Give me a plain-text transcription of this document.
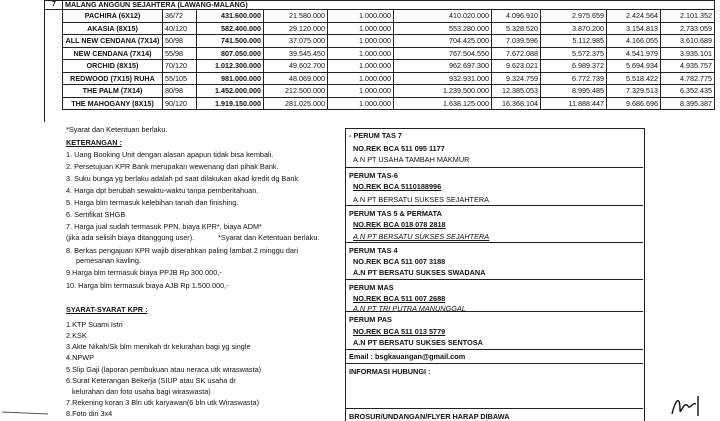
7	MALANG ANGGUN SEJAHTERA (LAWANG-MALANG)									
PACHIRA (6X12)	36/72	431.600.000	21.580.000	1.000.000	410.020.000	4.096.910	2.975.659	2.424.564	2.101.352
AKASIA (8X15)	40/120	582.400.000	29.120.000	1.000.000	553.280.000	5.328.520	3.870.200	3.154.813	2.733.059
ALL NEW CENDANA (7X14)	50/98	741.500.000	37.075.000	1.000.000	704.425.000	7.039.596	5.112.985	4.166.055	3.610.689
NEW CENDANA (7X14)	55/98	807.050.000	39.545.450	1.000.000	767.504.550	7.672.088	5.572.375	4.541.979	3.935.101
ORCHID (8X15)	70/120	1.012.300.000	49.602.700	1.000.000	962.697.300	9.623.021	6.989.372	5.694.934	4.935.757
REDWOOD (7X15) RUHA	55/105	981.000.000	48.069.000	1.000.000	932.931.000	9.324.759	6.772.739	5.518.422	4.782.775
THE PALM (7X14)	80/98	1.452.000.000	212.500.000	1.000.000	1.239.500.000	12.385.053	8.995.485	7.329.513	6.352.435
THE MAHOGANY (8X15)	90/120	1.919.150.000	281.025.000	1.000.000	1.638.125.000	16.368.104	11.888.447	9.686.696	8.395.387
*Syarat dan Ketentuan berlaku.
KETERANGAN :
1. Uang Booking Unit dengan alasan apapun tidak bisa kembali.
2. Persetujuan KPR Bank merupakan wewenang dari pihak Bank.
3. Suku bunga yg berlaku adalah pd saat dilakukan akad kredit dg Bank.
4. Harga dpt berubah sewaktu-waktu tanpa pemberitahuan.
5. Harga blm termasuk kelebihan tanah dan finishing.
6. Sertifikat SHGB
7. Harga jual sudah termasuk PPN, biaya KPR*, biaya ADM*
(jika ada selisih biaya ditanggung user).	*Syarat dan Ketentuan berlaku.
8. Berkas pengajuan KPR wajib diserahkan paling lambat 2 minggu dari
pemesanan kavling.
9.Harga blm termasuk biaya PPJB Rp 300.000,-
10. Harga blm termasuk biaya AJB Rp 1.500.000,-
SYARAT-SYARAT KPR :
1.KTP Suami Istri
2.KSK
3.Akte Nikah/Sk blm menikah dr kelurahan bagi yg single
4.NPWP
5.Slip Gaji (laporan pembukuan atau neraca utk wiraswasta)
6.Surat Keterangan Bekerja (SIUP atau SK usaha dr
kelurahan dan foto usaha bagi wiraswasta)
7.Rekening koran 3 Bln utk karyawan(6 bln utk Wiraswasta)
8.Foto diri 3x4
- PERUM TAS 7
NO.REK BCA 511 095 1177
A.N PT USAHA TAMBAH MAKMUR
PERUM TAS-6
NO.REK BCA 5110188996
A.N PT BERSATU SUKSES SEJAHTERA
PERUM TAS 5 & PERMATA
NO.REK BCA 018 078 2818
A.N PT BERSATU SUKSES SEJAHTERA
PERUM TAS 4
NO.REK BCA 511 007 3188
A.N PT BERSATU SUKSES SWADANA
PERUM MAS
NO.REK BCA 511 007 2688
A.N PT TRI PUTRA MANUNGGAL
PERUM PAS
NO.REK BCA 511 013 5779
A.N PT BERSATU SUKSES SENTOSA
Email : bsgkauangan@gmail.com
INFORMASI HUBUNGI :
BROSUR/UNDANGAN/FLYER HARAP DIBAWA
